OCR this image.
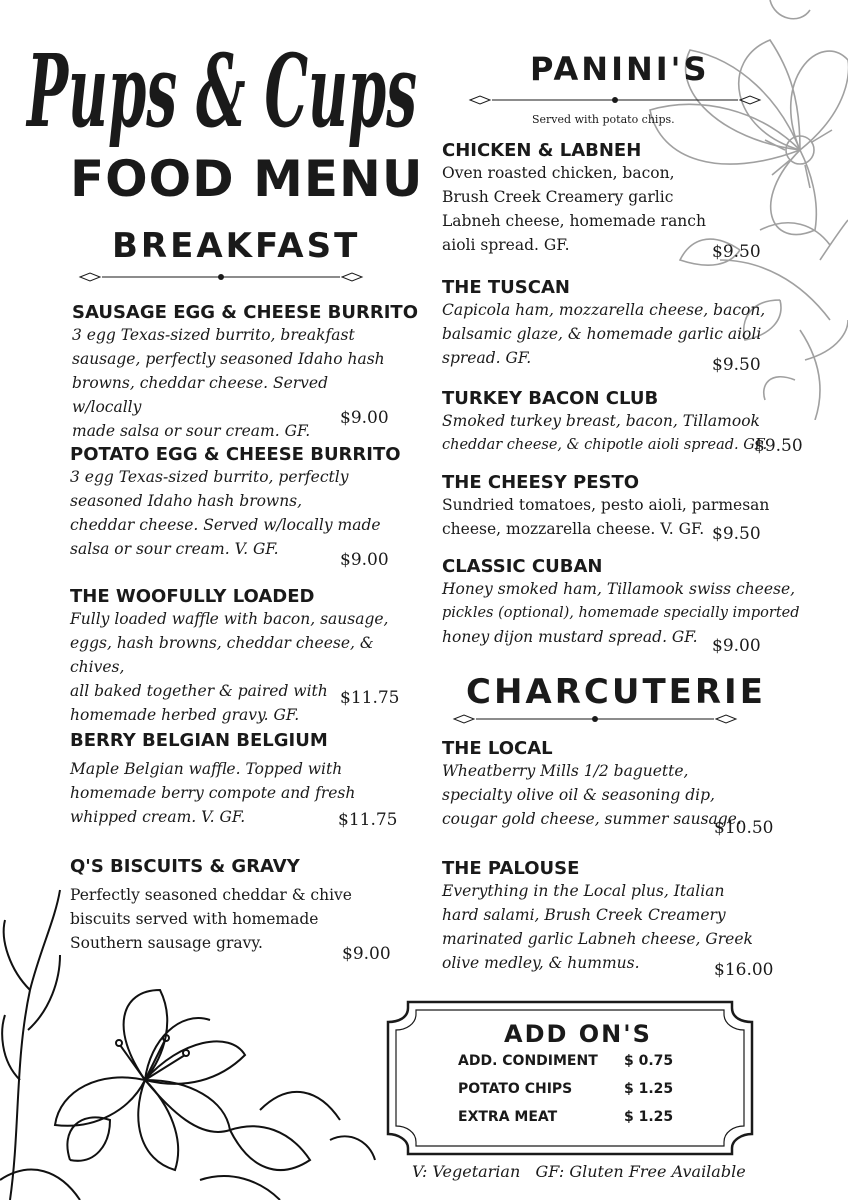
Pups & Cups
FOOD MENU
BREAKFAST

SAUSAGE EGG & CHEESE BURRITO

3 egg Texas-sized burrito, breakfast

sausage, perfectly seasoned Idaho hash

browns, cheddar cheese. Served w/locally

made salsa or sour cream. GF.

$9.00

POTATO EGG & CHEESE BURRITO

3 egg Texas-sized burrito, perfectly

seasoned Idaho hash browns,

cheddar cheese. Served w/locally made

salsa or sour cream. V. GF.

$9.00

THE WOOFULLY LOADED

Fully loaded waffle with bacon, sausage,

eggs, hash browns, cheddar cheese, & chives,

all baked together & paired with

homemade herbed gravy. GF.

$11.75

BERRY BELGIAN BELGIUM

Maple Belgian waffle. Topped with

homemade berry compote and fresh

whipped cream. V. GF.	$11.75

Q'S BISCUITS & GRAVY

Perfectly seasoned cheddar & chive

biscuits served with homemade

Southern sausage gravy.

$9.00
PANINI'S
Served with potato chips.

CHICKEN & LABNEH

Oven roasted chicken, bacon,

Brush Creek Creamery garlic

Labneh cheese, homemade ranch

aioli spread. GF.	$9.50

THE TUSCAN

Capicola ham, mozzarella cheese, bacon,

balsamic glaze, & homemade garlic aioli

spread. GF.	$9.50

TURKEY BACON CLUB

Smoked turkey breast, bacon, Tillamook

cheddar cheese, & chipotle aioli spread. GF.

$9.50

THE CHEESY PESTO

Sundried tomatoes, pesto aioli, parmesan

cheese, mozzarella cheese. V. GF. $9.50

CLASSIC CUBAN

Honey smoked ham, Tillamook swiss cheese,

pickles (optional), homemade specially imported

honey dijon mustard spread. GF. $9.00
CHARCUTERIE

THE LOCAL

Wheatberry Mills 1/2 baguette,

specialty olive oil & seasoning dip,

cougar gold cheese, summer sausage.

$10.50

THE PALOUSE

Everything in the Local plus, Italian

hard salami, Brush Creek Creamery

marinated garlic Labneh cheese, Greek

olive medley, & hummus.	$16.00
ADD ON'S
ADD. CONDIMENT $ 0.75
POTATO CHIPS	$ 1.25
EXTRA MEAT	$ 1.25
V: Vegetarian   GF: Gluten Free Available
